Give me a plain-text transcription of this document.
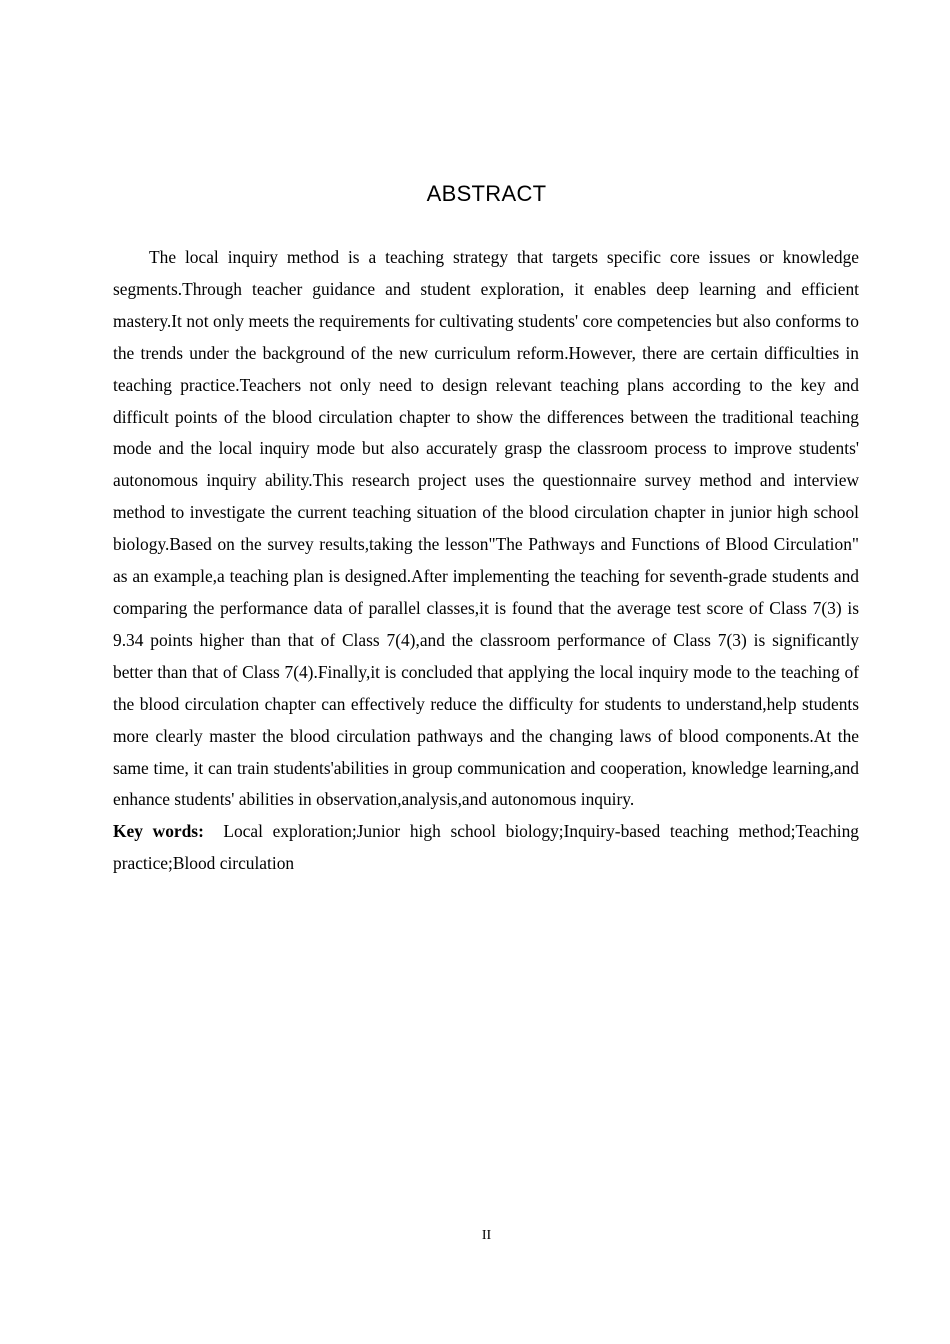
ABSTRACT

The local inquiry method is a teaching strategy that targets specific core issues or knowledge segments.Through teacher guidance and student exploration, it enables deep learning and efficient mastery.It not only meets the requirements for cultivating students' core competencies but also conforms to the trends under the background of the new curriculum reform.However, there are certain difficulties in teaching practice.Teachers not only need to design relevant teaching plans according to the key and difficult points of the blood circulation chapter to show the differences between the traditional teaching mode and the local inquiry mode but also accurately grasp the classroom process to improve students' autonomous inquiry ability.This research project uses the questionnaire survey method and interview method to investigate the current teaching situation of the blood circulation chapter in junior high school biology.Based on the survey results,taking the lesson"The Pathways and Functions of Blood Circulation" as an example,a teaching plan is designed.After implementing the teaching for seventh-grade students and comparing the performance data of parallel classes,it is found that the average test score of Class 7(3) is 9.34 points higher than that of Class 7(4),and the classroom performance of Class 7(3) is significantly better than that of Class 7(4).Finally,it is concluded that applying the local inquiry mode to the teaching of the blood circulation chapter can effectively reduce the difficulty for students to understand,help students more clearly master the blood circulation pathways and the changing laws of blood components.At the same time, it can train students'abilities in group communication and cooperation, knowledge learning,and enhance students' abilities in observation,analysis,and autonomous inquiry.

Key words: Local exploration;Junior high school biology;Inquiry-based teaching method;Teaching practice;Blood circulation

II
